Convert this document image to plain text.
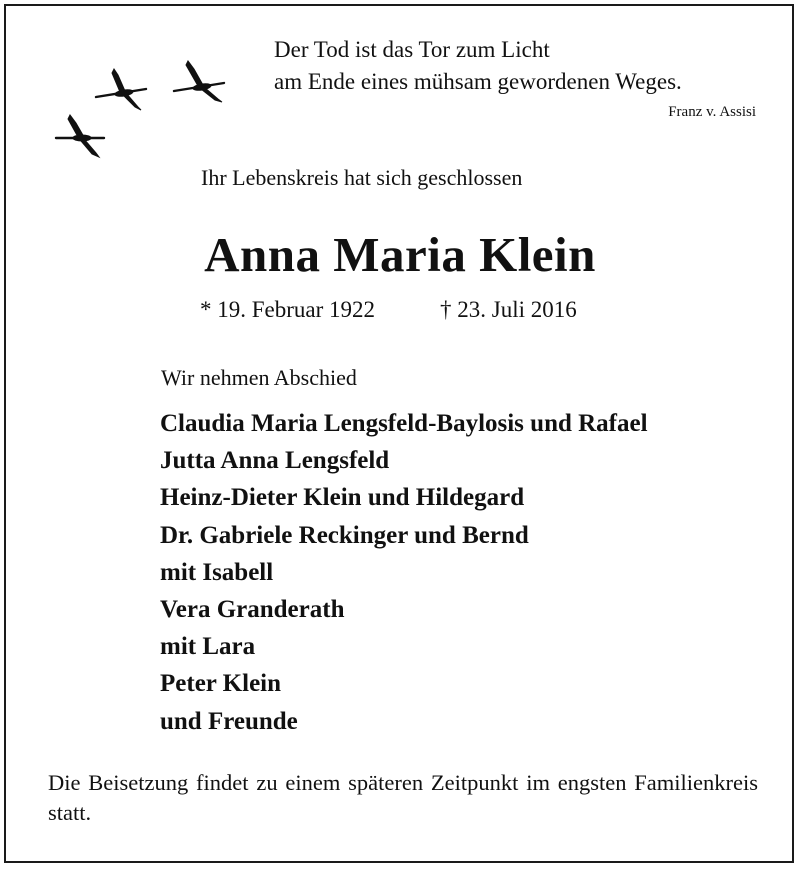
Der Tod ist das Tor zum Licht
am Ende eines mühsam gewordenen Weges.
Franz v. Assisi
Ihr Lebenskreis hat sich geschlossen
Anna Maria Klein
* 19. Februar 1922	† 23. Juli 2016
Wir nehmen Abschied
Claudia Maria Lengsfeld-Baylosis und Rafael
Jutta Anna Lengsfeld
Heinz-Dieter Klein und Hildegard
Dr. Gabriele Reckinger und Bernd
mit Isabell
Vera Granderath
mit Lara
Peter Klein
und Freunde
Die Beisetzung findet zu einem späteren Zeitpunkt im engsten Familienkreis statt.
